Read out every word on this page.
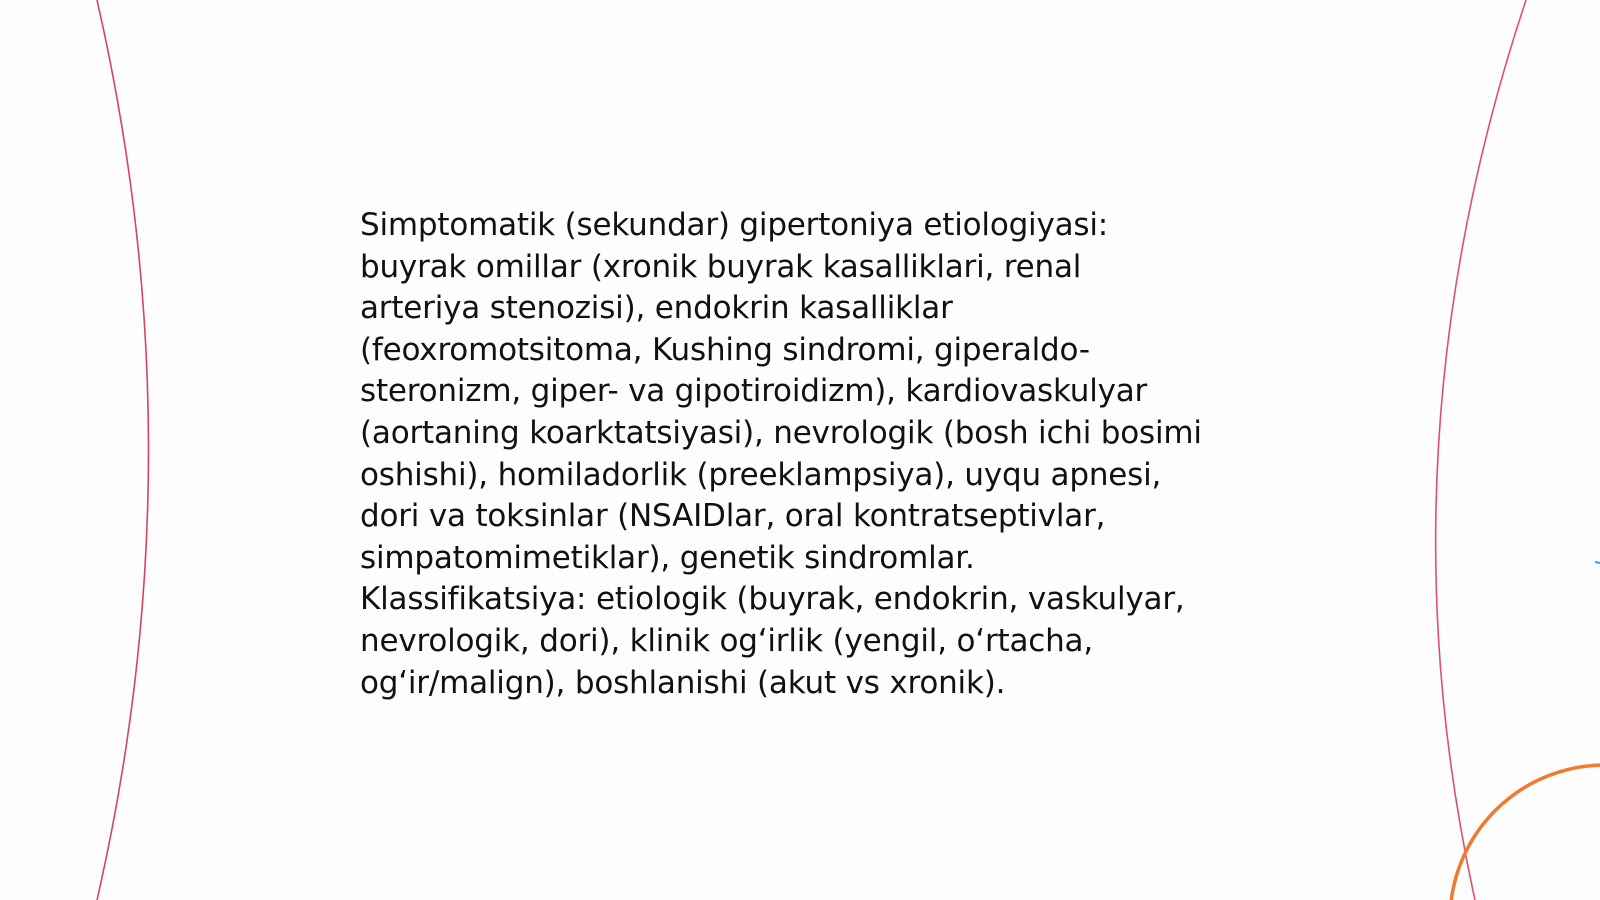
Simptomatik (sekundar) gipertoniya etiologiyasi: buyrak omillar (xronik buyrak kasalliklari, renal arteriya stenozisi), endokrin kasalliklar (feoxromotsitoma, Kushing sindromi, giperaldo-steronizm, giper- va gipotiroidizm), kardiovaskulyar (aortaning koarktatsiyasi), nevrologik (bosh ichi bosimi oshishi), homiladorlik (preeklampsiya), uyqu apnesi, dori va toksinlar (NSAIDlar, oral kontratseptivlar, simpatomimetiklar), genetik sindromlar. Klassifikatsiya: etiologik (buyrak, endokrin, vaskulyar, nevrologik, dori), klinik og‘irlik (yengil, o‘rtacha, og‘ir/malign), boshlanishi (akut vs xronik).
